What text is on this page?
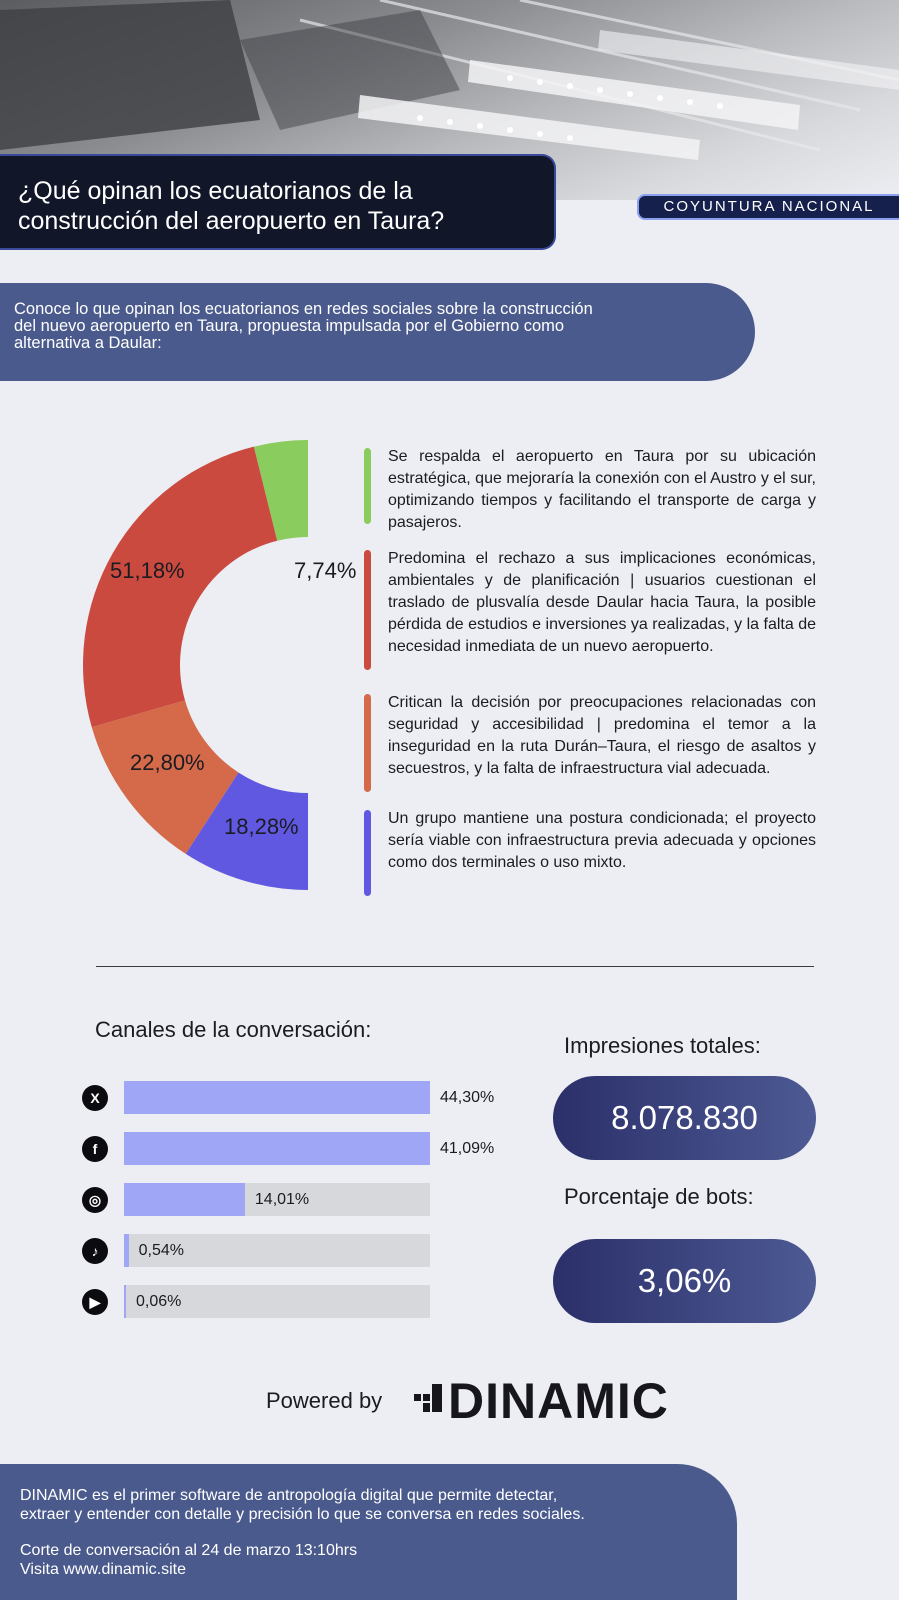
¿Qué opinan los ecuatorianos de la
construcción del aeropuerto en Taura?
COYUNTURA NACIONAL
Conoce lo que opinan los ecuatorianos en redes sociales sobre la construcción
del nuevo aeropuerto en Taura, propuesta impulsada por el Gobierno como
alternativa a Daular:
7,74%
51,18%
22,80%
18,28%
Se respalda el aeropuerto en Taura por su ubicación estratégica, que mejoraría la conexión con el Austro y el sur, optimizando tiempos y facilitando el transporte de carga y pasajeros.
Predomina el rechazo a sus implicaciones económicas, ambientales y de planificación | usuarios cuestionan el traslado de plusvalía desde Daular hacia Taura, la posible pérdida de estudios e inversiones ya realizadas, y la falta de necesidad inmediata de un nuevo aeropuerto.
Critican la decisión por preocupaciones relacionadas con seguridad y accesibilidad | predomina el temor a la inseguridad en la ruta Durán–Taura, el riesgo de asaltos y secuestros, y la falta de infraestructura vial adecuada.
Un grupo mantiene una postura condicionada; el proyecto sería viable con infraestructura previa adecuada y opciones como dos terminales o uso mixto.
Canales de la conversación:
X	44,30%
f	41,09%
◎	14,01%
♪	0,54%
▶	0,06%
Impresiones totales:
8.078.830
Porcentaje de bots:
3,06%
Powered by DINAMIC
DINAMIC es el primer software de antropología digital que permite detectar,
extraer y entender con detalle y precisión lo que se conversa en redes sociales.
Corte de conversación al 24 de marzo 13:10hrs
Visita www.dinamic.site
